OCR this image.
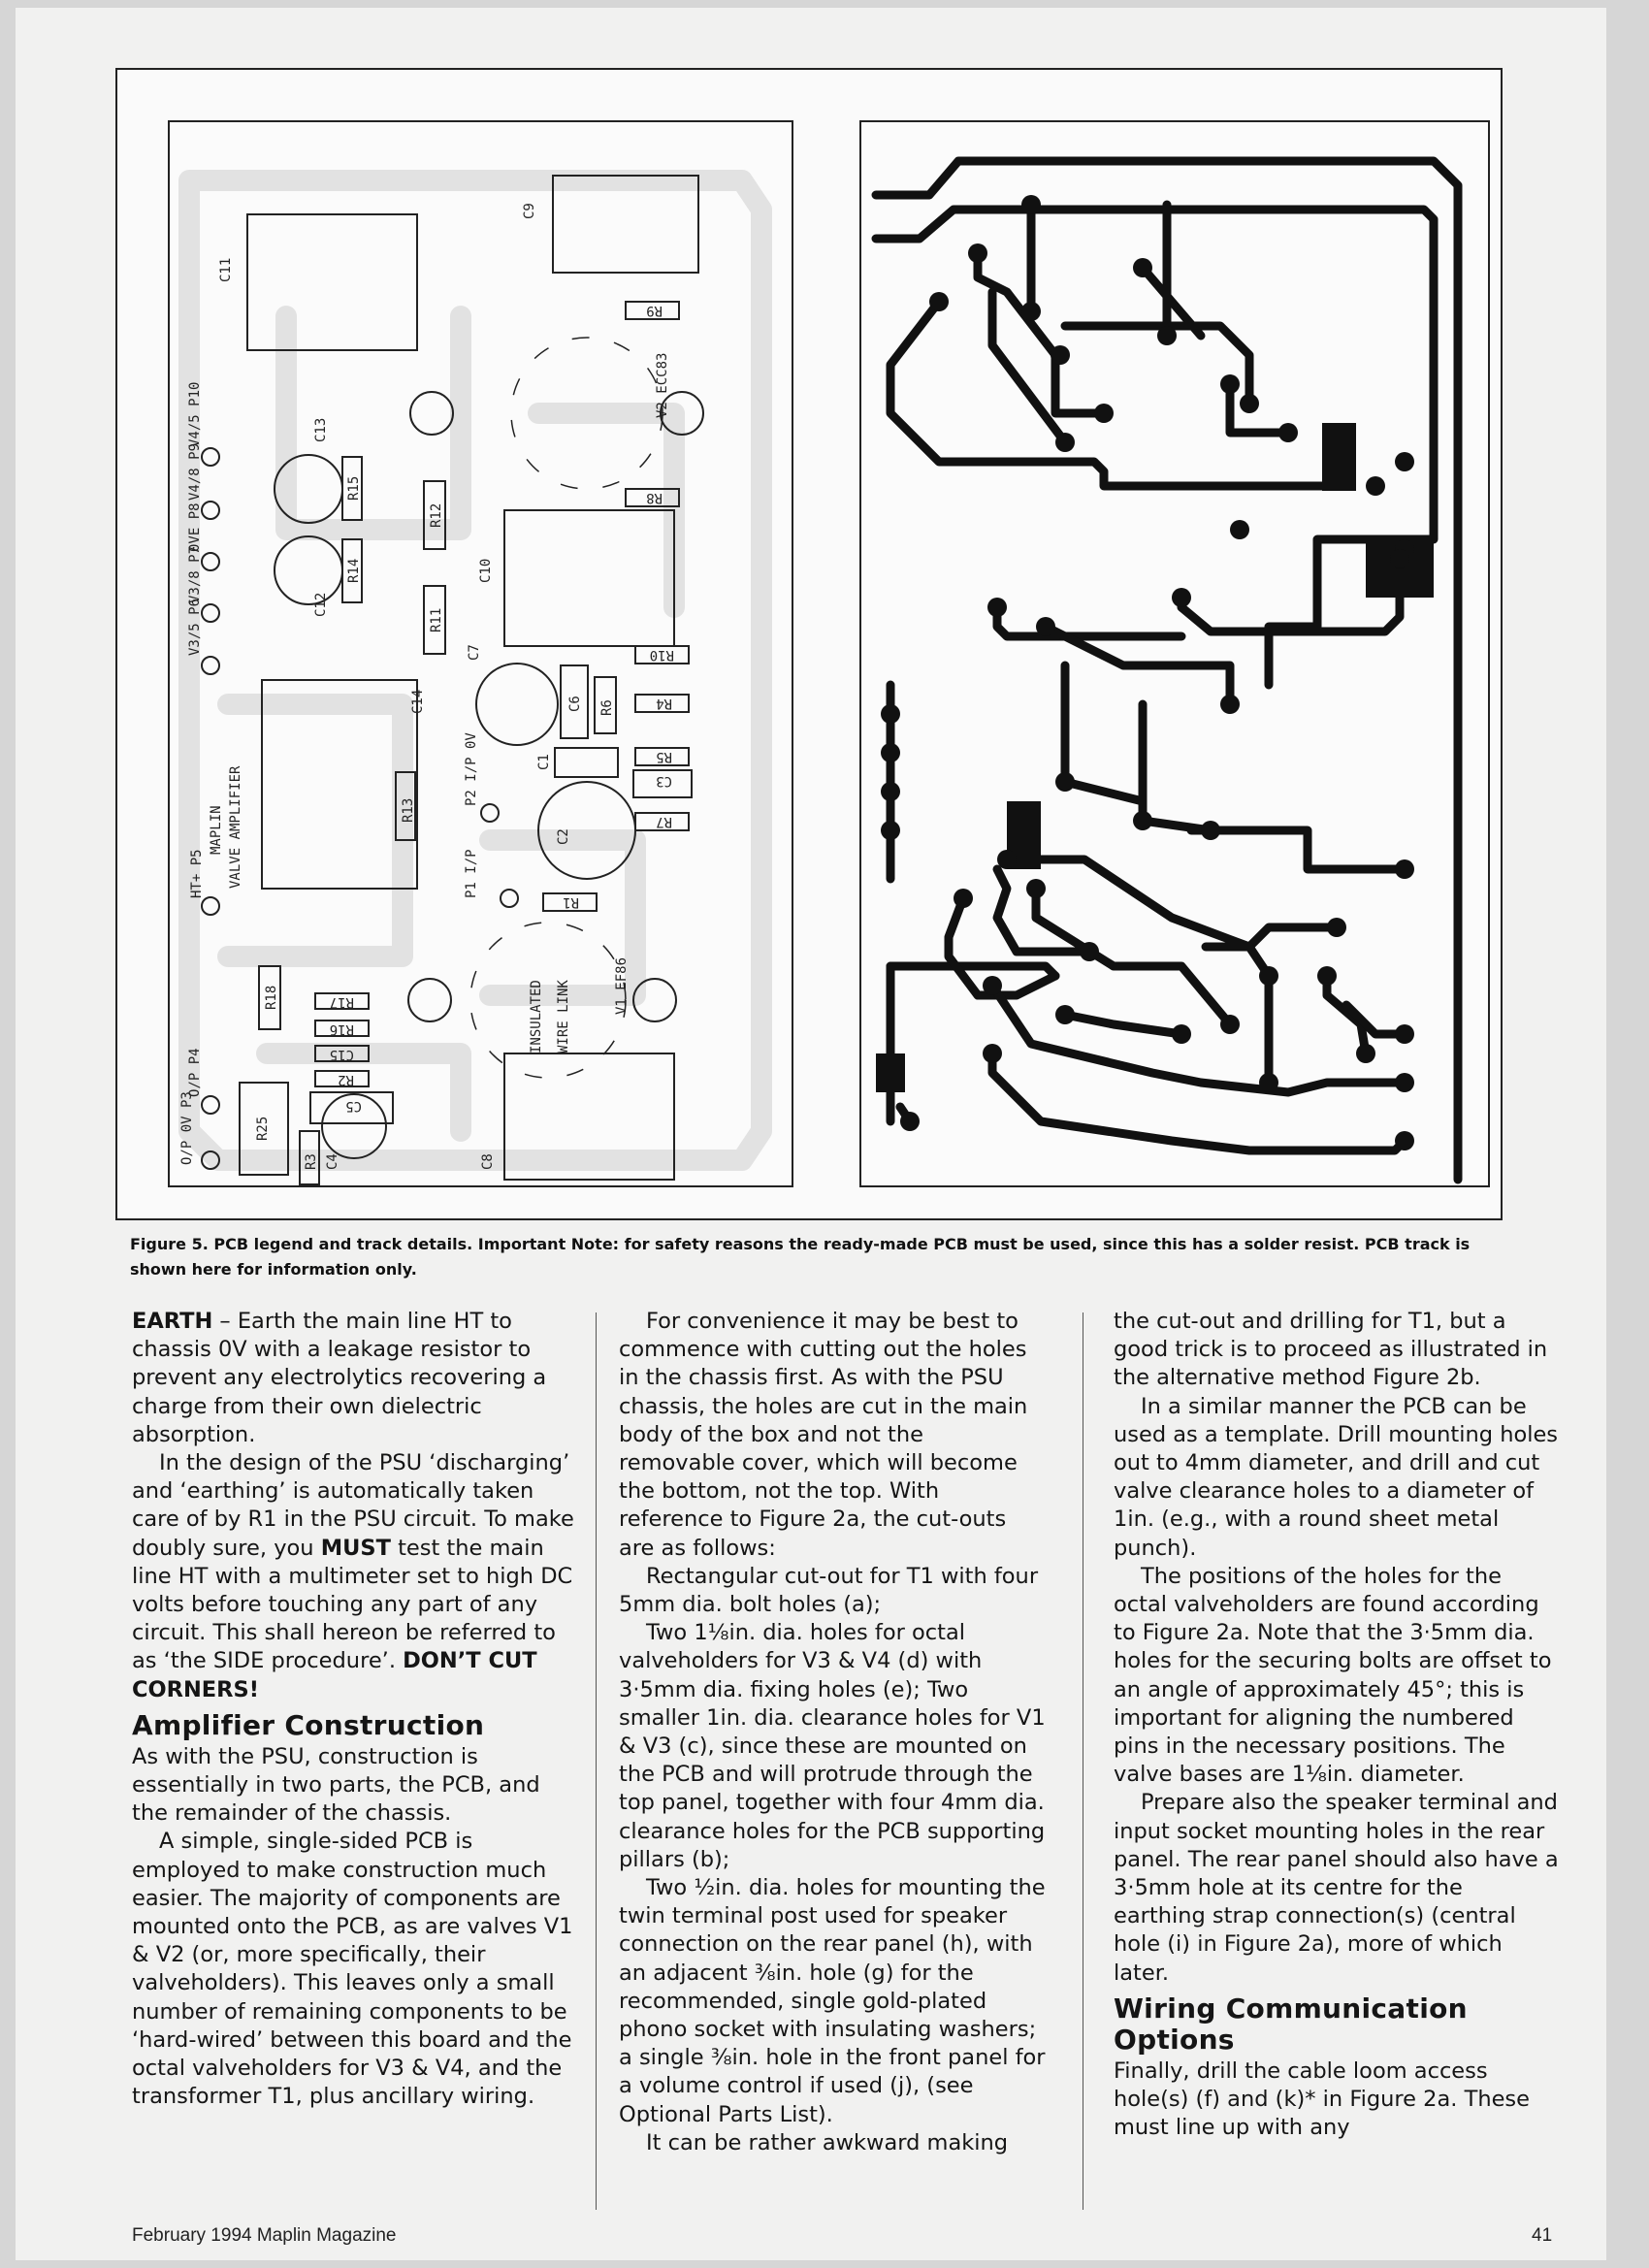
C11
C9
V2 ECC83
R9
R8
C10
R10
R4
R5
C3
R7
R6
C6
C1
C2
C7
R12
R11
R15
R14
C13
C12
V4/5 P10
V4/8 P9
0VE P8
V3/8 P7
V3/5 P6
C14
MAPLIN VALVE AMPLIFIER	R13
HT+ P5
P2 I/P 0V
P1 I/P
R1
INSULATED WIRE LINK	V1 EF86
R18	R17
R16
C15
R2
C5
O/P P4
O/P 0V P3	R25
R3 C4	C8
Figure 5. PCB legend and track details. Important Note: for safety reasons the ready-made PCB must be used, since this has a solder resist. PCB track is shown here for information only.

EARTH – Earth the main line HT to chassis 0V with a leakage resistor to prevent any electrolytics recovering a charge from their own dielectric absorption.

In the design of the PSU ‘discharging’ and ‘earthing’ is automatically taken care of by R1 in the PSU circuit. To make doubly sure, you MUST test the main line HT with a multimeter set to high DC volts before touching any part of any circuit. This shall hereon be referred to as ‘the SIDE procedure’. DON’T CUT CORNERS!

Amplifier Construction

As with the PSU, construction is essentially in two parts, the PCB, and the remainder of the chassis.

A simple, single-sided PCB is employed to make construction much easier. The majority of components are mounted onto the PCB, as are valves V1 & V2 (or, more specifically, their valveholders). This leaves only a small number of remaining components to be ‘hard-wired’ between this board and the octal valveholders for V3 & V4, and the transformer T1, plus ancillary wiring.

For convenience it may be best to commence with cutting out the holes in the chassis first. As with the PSU chassis, the holes are cut in the main body of the box and not the removable cover, which will become the bottom, not the top. With reference to Figure 2a, the cut-outs are as follows:

Rectangular cut-out for T1 with four 5mm dia. bolt holes (a);

Two 1⅛in. dia. holes for octal valveholders for V3 & V4 (d) with 3·5mm dia. fixing holes (e); Two smaller 1in. dia. clearance holes for V1 & V3 (c), since these are mounted on the PCB and will protrude through the top panel, together with four 4mm dia. clearance holes for the PCB supporting pillars (b);

Two ½in. dia. holes for mounting the twin terminal post used for speaker connection on the rear panel (h), with an adjacent ⅜in. hole (g) for the recommended, single gold-plated phono socket with insulating washers; a single ⅜in. hole in the front panel for a volume control if used (j), (see Optional Parts List).

It can be rather awkward making

the cut-out and drilling for T1, but a good trick is to proceed as illustrated in the alternative method Figure 2b.

In a similar manner the PCB can be used as a template. Drill mounting holes out to 4mm diameter, and drill and cut valve clearance holes to a diameter of 1in. (e.g., with a round sheet metal punch).

The positions of the holes for the octal valveholders are found according to Figure 2a. Note that the 3·5mm dia. holes for the securing bolts are offset to an angle of approximately 45°; this is important for aligning the numbered pins in the necessary positions. The valve bases are 1⅛in. diameter.

Prepare also the speaker terminal and input socket mounting holes in the rear panel. The rear panel should also have a 3·5mm hole at its centre for the earthing strap connection(s) (central hole (i) in Figure 2a), more of which later.

Wiring Communication Options

Finally, drill the cable loom access hole(s) (f) and (k)* in Figure 2a. These must line up with any

February 1994 Maplin Magazine	41
